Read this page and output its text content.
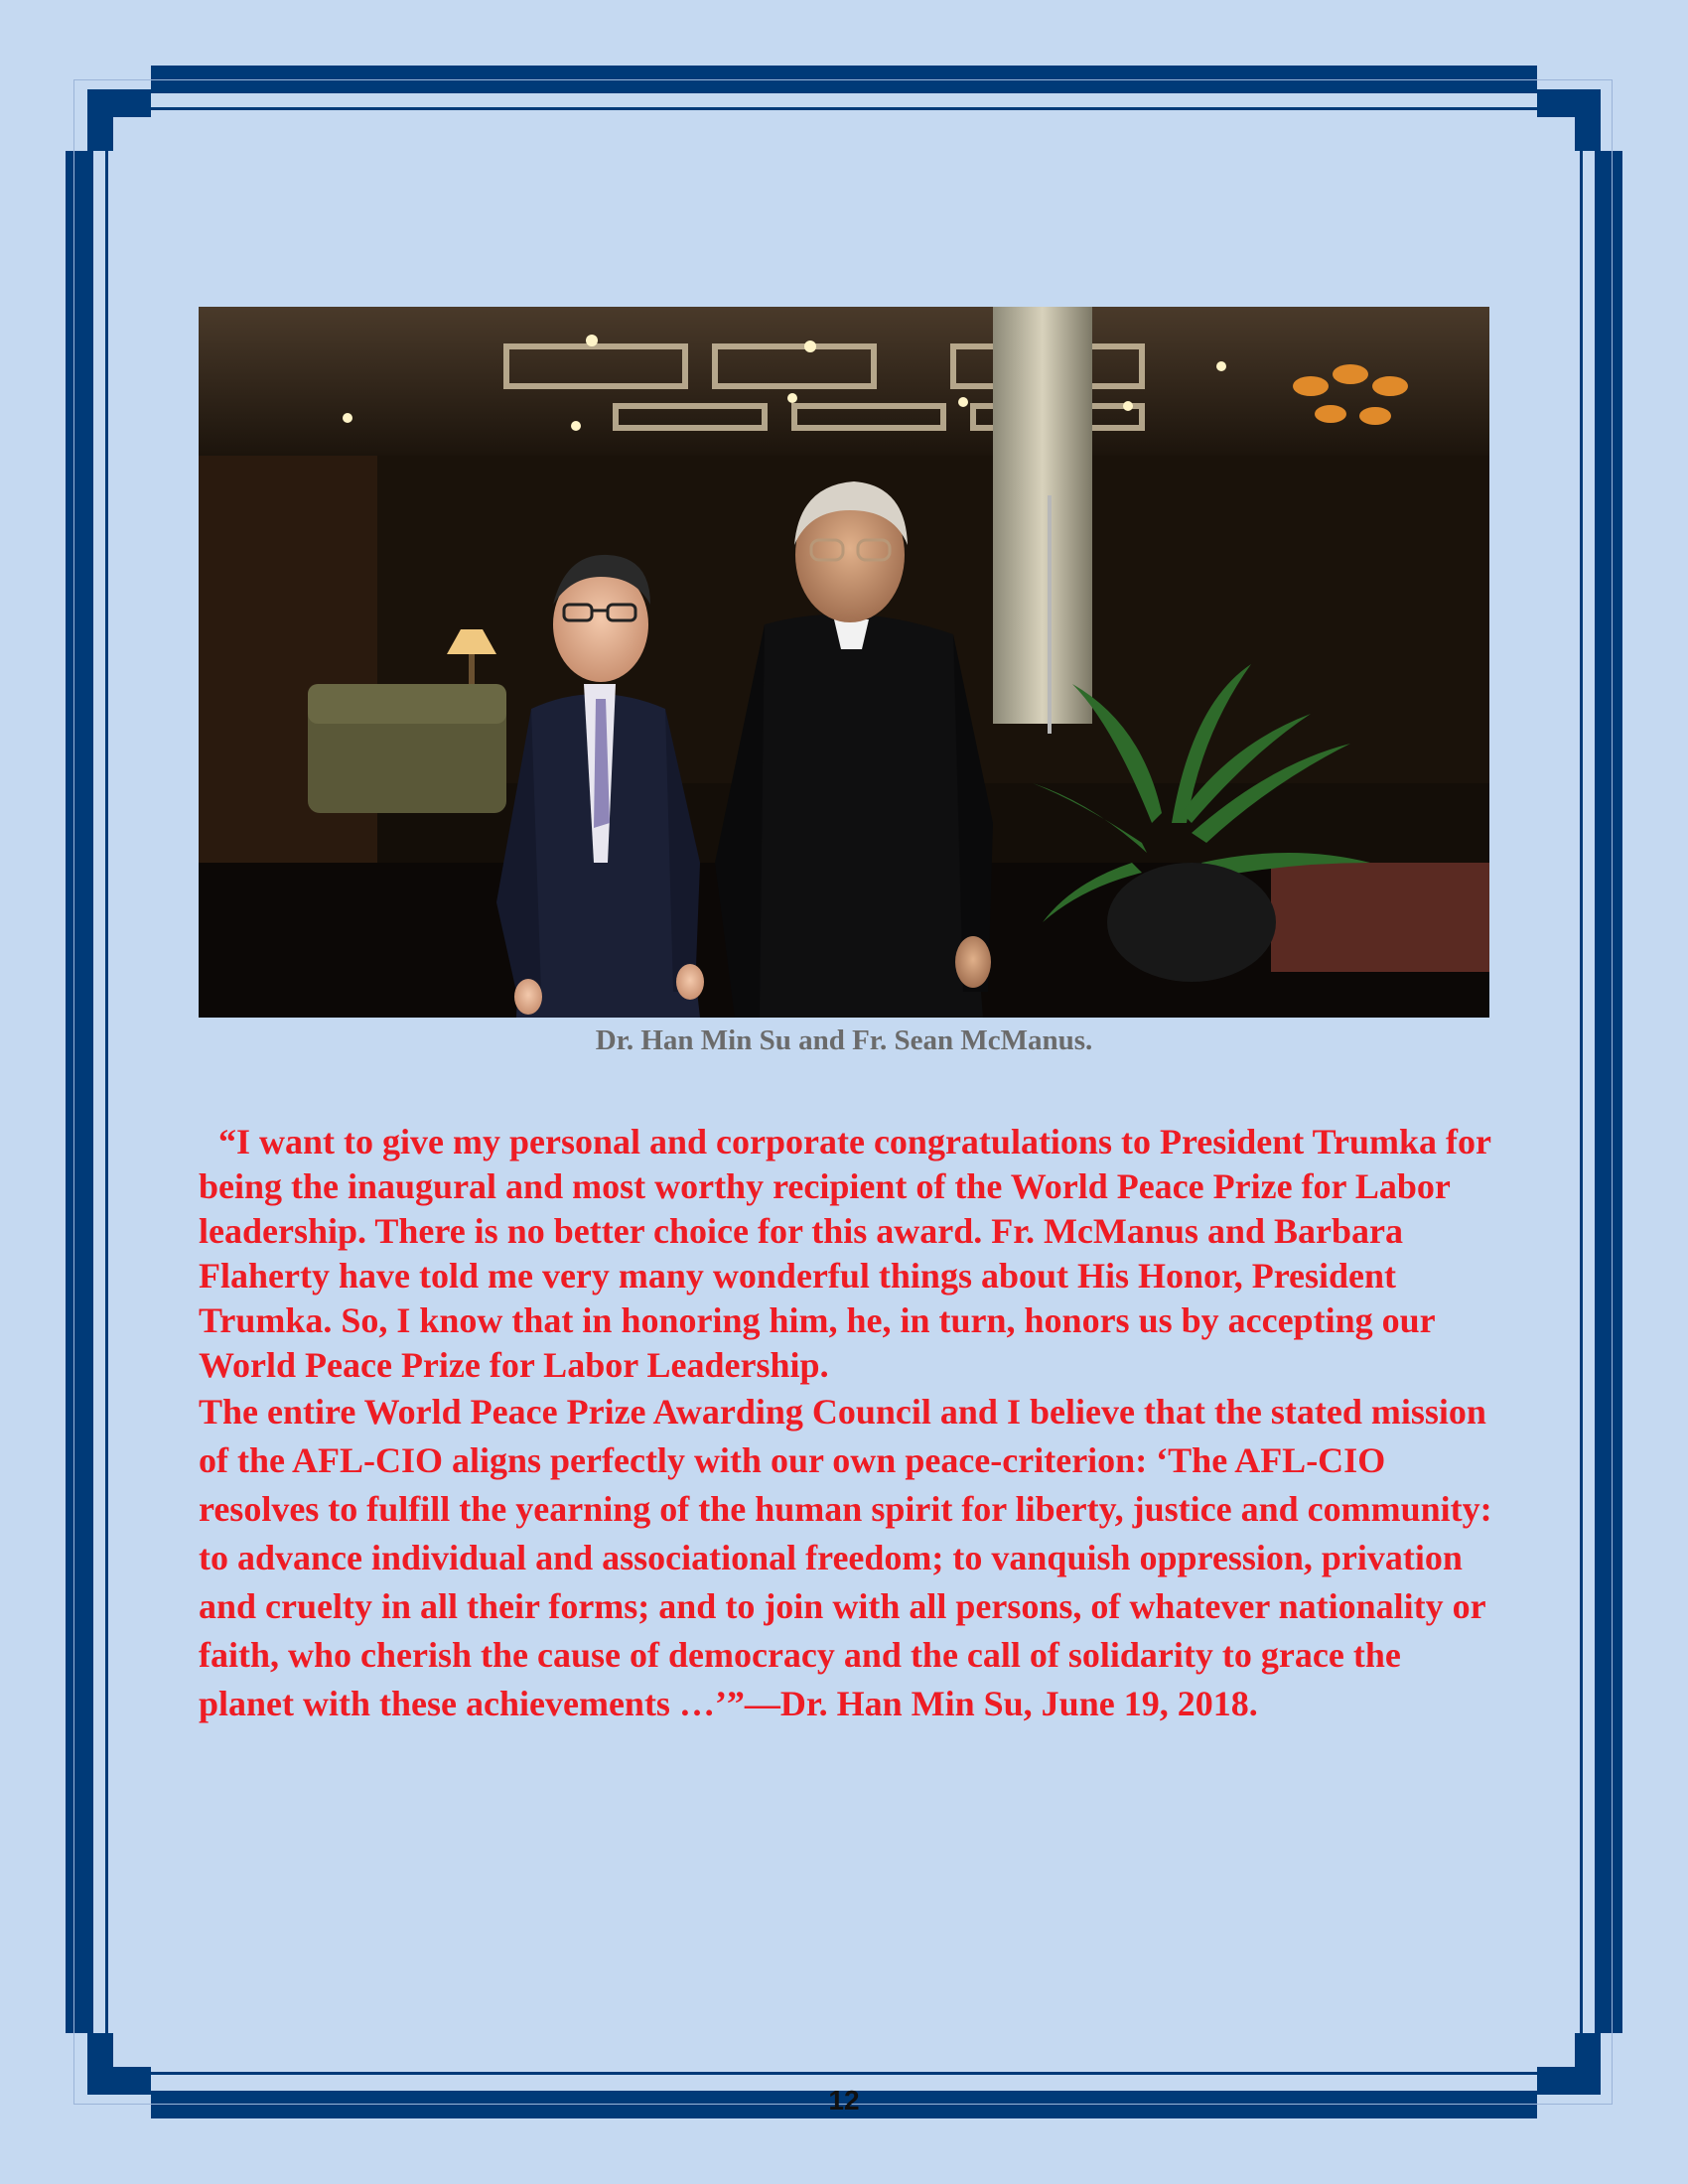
Dr. Han Min Su and Fr. Sean McManus.

“I want to give my personal and corporate congratulations to President Trumka for being the inaugural and most worthy recipient of the World Peace Prize for Labor leadership. There is no better choice for this award. Fr. McManus and Barbara Flaherty have told me very many wonderful things about His Honor, President Trumka. So, I know that in honoring him, he, in turn, honors us by accepting our World Peace Prize for Labor Leadership.

The entire World Peace Prize Awarding Council and I believe that the stated mission of the AFL-CIO aligns perfectly with our own peace-criterion: ‘The AFL-CIO resolves to fulfill the yearning of the human spirit for liberty, justice and community: to advance individual and associational freedom; to vanquish oppression, privation and cruelty in all their forms; and to join with all persons, of whatever nationality or faith, who cherish the cause of democracy and the call of solidarity to grace the planet with these achievements …’”—Dr. Han Min Su, June 19, 2018.

12
